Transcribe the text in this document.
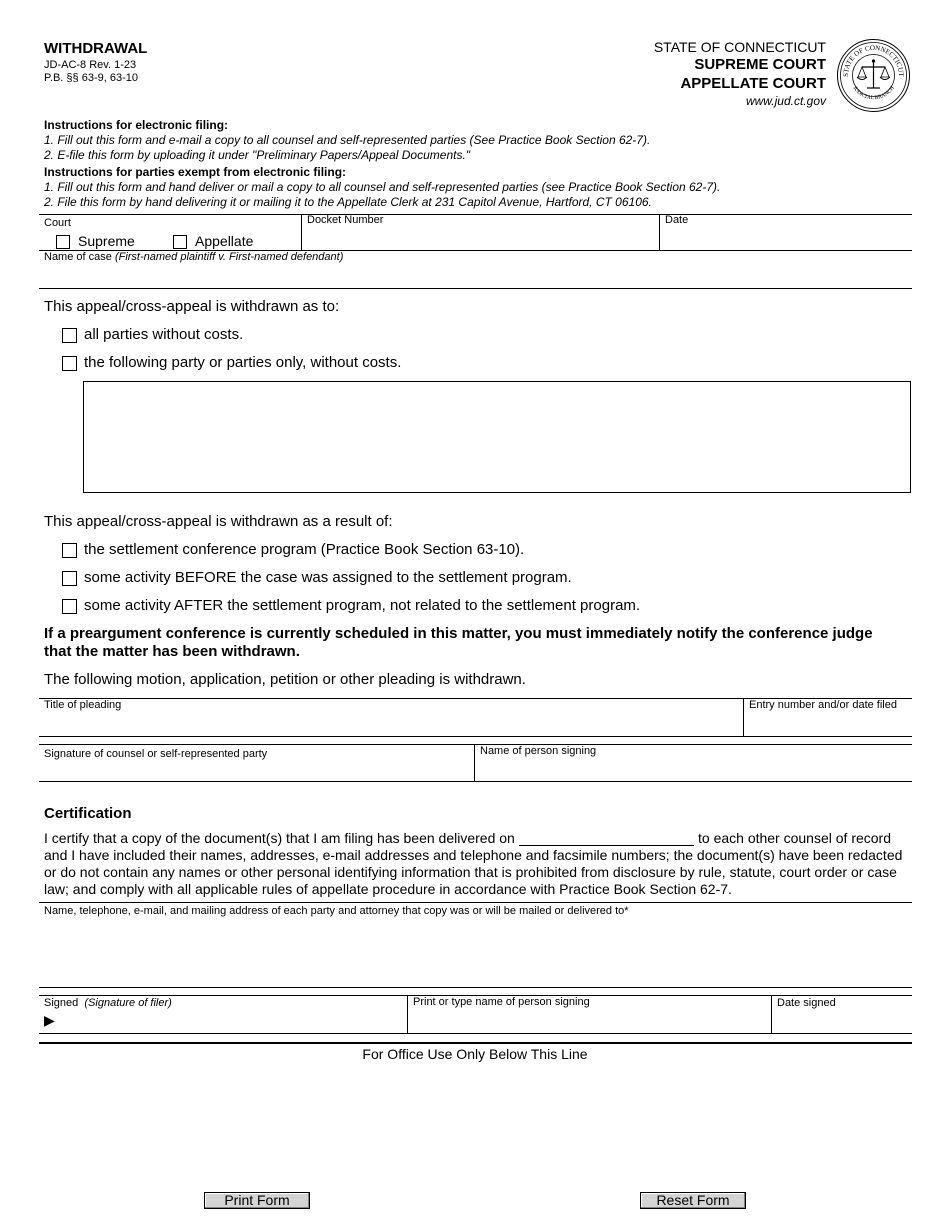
WITHDRAWAL
JD-AC-8 Rev. 1-23
P.B. §§ 63-9, 63-10
STATE OF CONNECTICUT
SUPREME COURT
APPELLATE COURT
www.jud.ct.gov
STATE OF CONNECTICUT
JUDICIAL BRANCH
Instructions for electronic filing:
1. Fill out this form and e-mail a copy to all counsel and self-represented parties (See Practice Book Section 62-7).
2. E-file this form by uploading it under "Preliminary Papers/Appeal Documents."
Instructions for parties exempt from electronic filing:
1. Fill out this form and hand deliver or mail a copy to all counsel and self-represented parties (see Practice Book Section 62-7).
2. File this form by hand delivering it or mailing it to the Appellate Clerk at 231 Capitol Avenue, Hartford, CT 06106.
Court
Supreme	Appellate
Docket Number	Date
Name of case (First-named plaintiff v. First-named defendant)
This appeal/cross-appeal is withdrawn as to:
all parties without costs.
the following party or parties only, without costs.
This appeal/cross-appeal is withdrawn as a result of:
the settlement conference program (Practice Book Section 63-10).
some activity BEFORE the case was assigned to the settlement program.
some activity AFTER the settlement program, not related to the settlement program.
If a preargument conference is currently scheduled in this matter, you must immediately notify the conference judge
that the matter has been withdrawn.
The following motion, application, petition or other pleading is withdrawn.
Title of pleading	Entry number and/or date filed
Signature of counsel or self-represented party	Name of person signing
Certification
I certify that a copy of the document(s) that I am filing has been delivered on	to each other counsel of record
and I have included their names, addresses, e-mail addresses and telephone and facsimile numbers; the document(s) have been redacted
or do not contain any names or other personal identifying information that is prohibited from disclosure by rule, statute, court order or case
law; and comply with all applicable rules of appellate procedure in accordance with Practice Book Section 62-7.
Name, telephone, e-mail, and mailing address of each party and attorney that copy was or will be mailed or delivered to*
Signed (Signature of filer)
▶
Print or type name of person signing	Date signed
For Office Use Only Below This Line
Print Form	Reset Form
